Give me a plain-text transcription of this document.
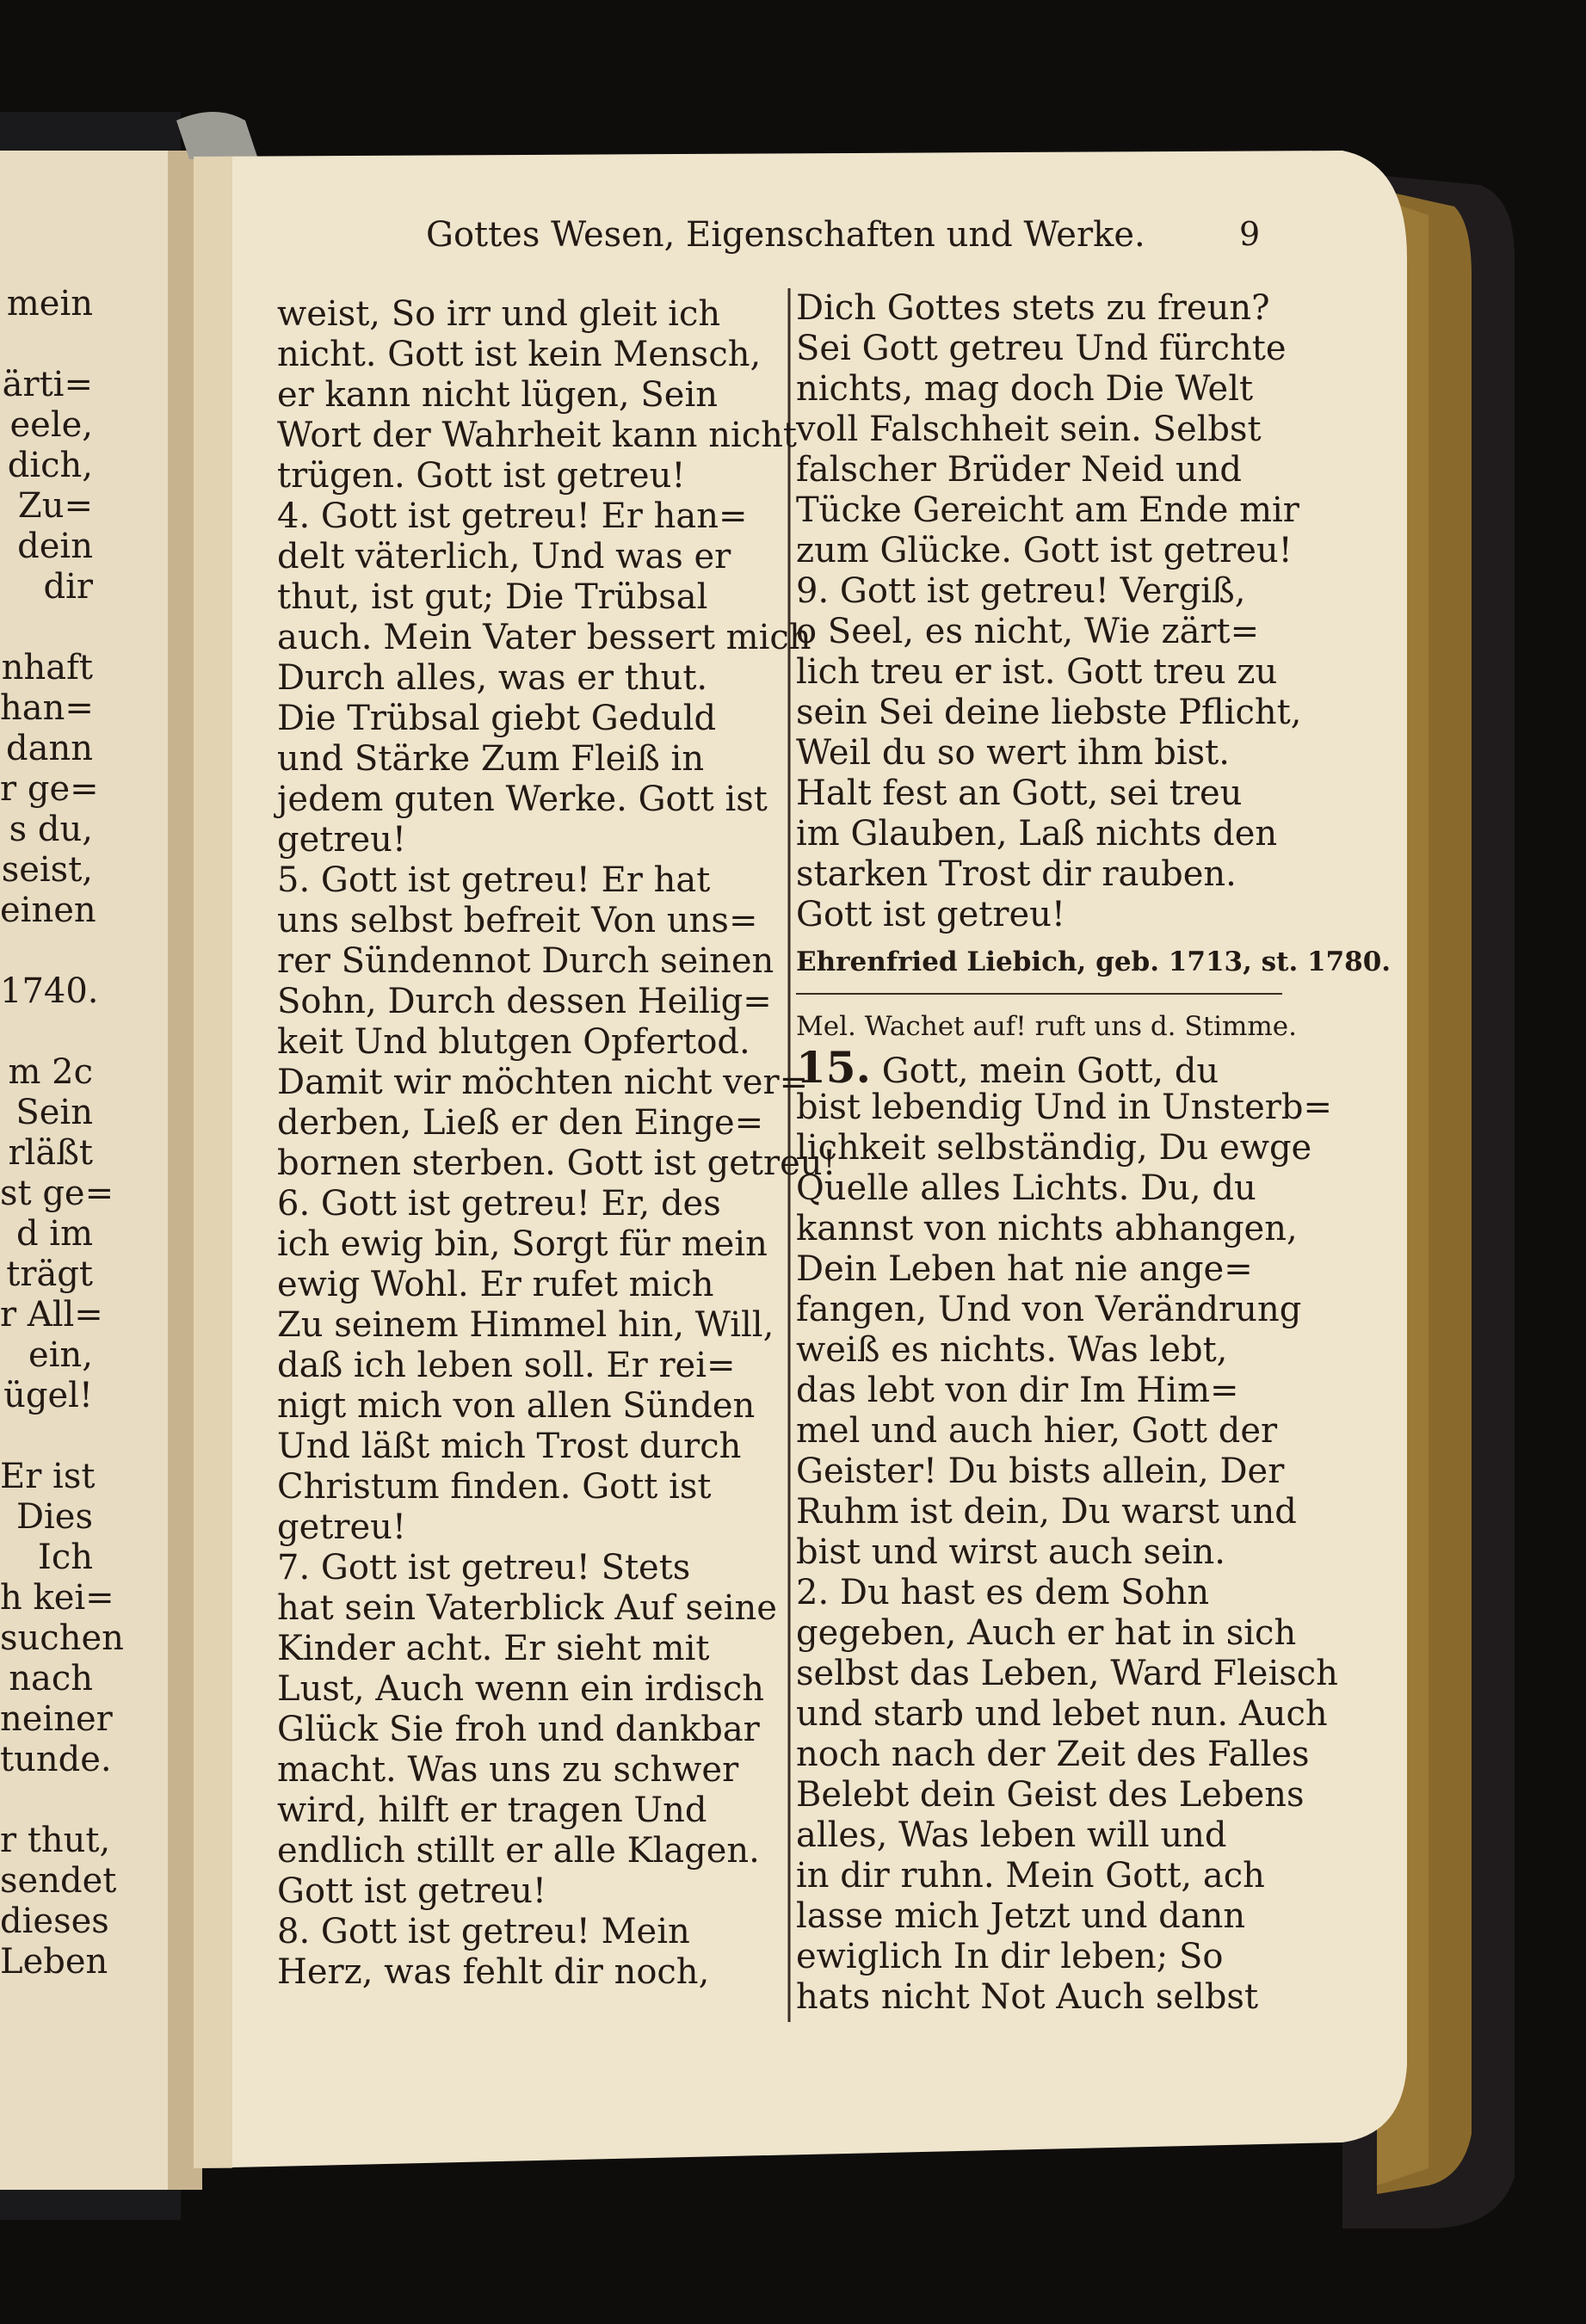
Gottes Wesen, Eigenschaften und Werke.	9
mein
ärti=
eele,
dich,
Zu=
dein
dir
nhaft
han=
dann
r ge=
s du,
seist,
einen
1740.
m 2c
Sein
rläßt
st ge=
d im
trägt
r All=
ein,
ügel!
Er ist
Dies
Ich
h kei=
suchen
nach
neiner
tunde.
r thut,
sendet
dieses
Leben
weist, So irr und gleit ich
nicht. Gott ist kein Mensch,
er kann nicht lügen, Sein
Wort der Wahrheit kann nicht
trügen. Gott ist getreu!
4. Gott ist getreu! Er han=
delt väterlich, Und was er
thut, ist gut; Die Trübsal
auch. Mein Vater bessert mich
Durch alles, was er thut.
Die Trübsal giebt Geduld
und Stärke Zum Fleiß in
jedem guten Werke. Gott ist
getreu!
5. Gott ist getreu! Er hat
uns selbst befreit Von uns=
rer Sündennot Durch seinen
Sohn, Durch dessen Heilig=
keit Und blutgen Opfertod.
Damit wir möchten nicht ver=
derben, Ließ er den Einge=
bornen sterben. Gott ist getreu!
6. Gott ist getreu! Er, des
ich ewig bin, Sorgt für mein
ewig Wohl. Er rufet mich
Zu seinem Himmel hin, Will,
daß ich leben soll. Er rei=
nigt mich von allen Sünden
Und läßt mich Trost durch
Christum finden. Gott ist
getreu!
7. Gott ist getreu! Stets
hat sein Vaterblick Auf seine
Kinder acht. Er sieht mit
Lust, Auch wenn ein irdisch
Glück Sie froh und dankbar
macht. Was uns zu schwer
wird, hilft er tragen Und
endlich stillt er alle Klagen.
Gott ist getreu!
8. Gott ist getreu! Mein
Herz, was fehlt dir noch,
Dich Gottes stets zu freun?
Sei Gott getreu Und fürchte
nichts, mag doch Die Welt
voll Falschheit sein. Selbst
falscher Brüder Neid und
Tücke Gereicht am Ende mir
zum Glücke. Gott ist getreu!
9. Gott ist getreu! Vergiß,
o Seel, es nicht, Wie zärt=
lich treu er ist. Gott treu zu
sein Sei deine liebste Pflicht,
Weil du so wert ihm bist.
Halt fest an Gott, sei treu
im Glauben, Laß nichts den
starken Trost dir rauben.
Gott ist getreu!
Ehrenfried Liebich, geb. 1713, st. 1780.
Mel. Wachet auf! ruft uns d. Stimme.
15. Gott, mein Gott, du
bist lebendig Und in Unsterb=
lichkeit selbständig, Du ewge
Quelle alles Lichts. Du, du
kannst von nichts abhangen,
Dein Leben hat nie ange=
fangen, Und von Verändrung
weiß es nichts. Was lebt,
das lebt von dir Im Him=
mel und auch hier, Gott der
Geister! Du bists allein, Der
Ruhm ist dein, Du warst und
bist und wirst auch sein.
2. Du hast es dem Sohn
gegeben, Auch er hat in sich
selbst das Leben, Ward Fleisch
und starb und lebet nun. Auch
noch nach der Zeit des Falles
Belebt dein Geist des Lebens
alles, Was leben will und
in dir ruhn. Mein Gott, ach
lasse mich Jetzt und dann
ewiglich In dir leben; So
hats nicht Not Auch selbst
